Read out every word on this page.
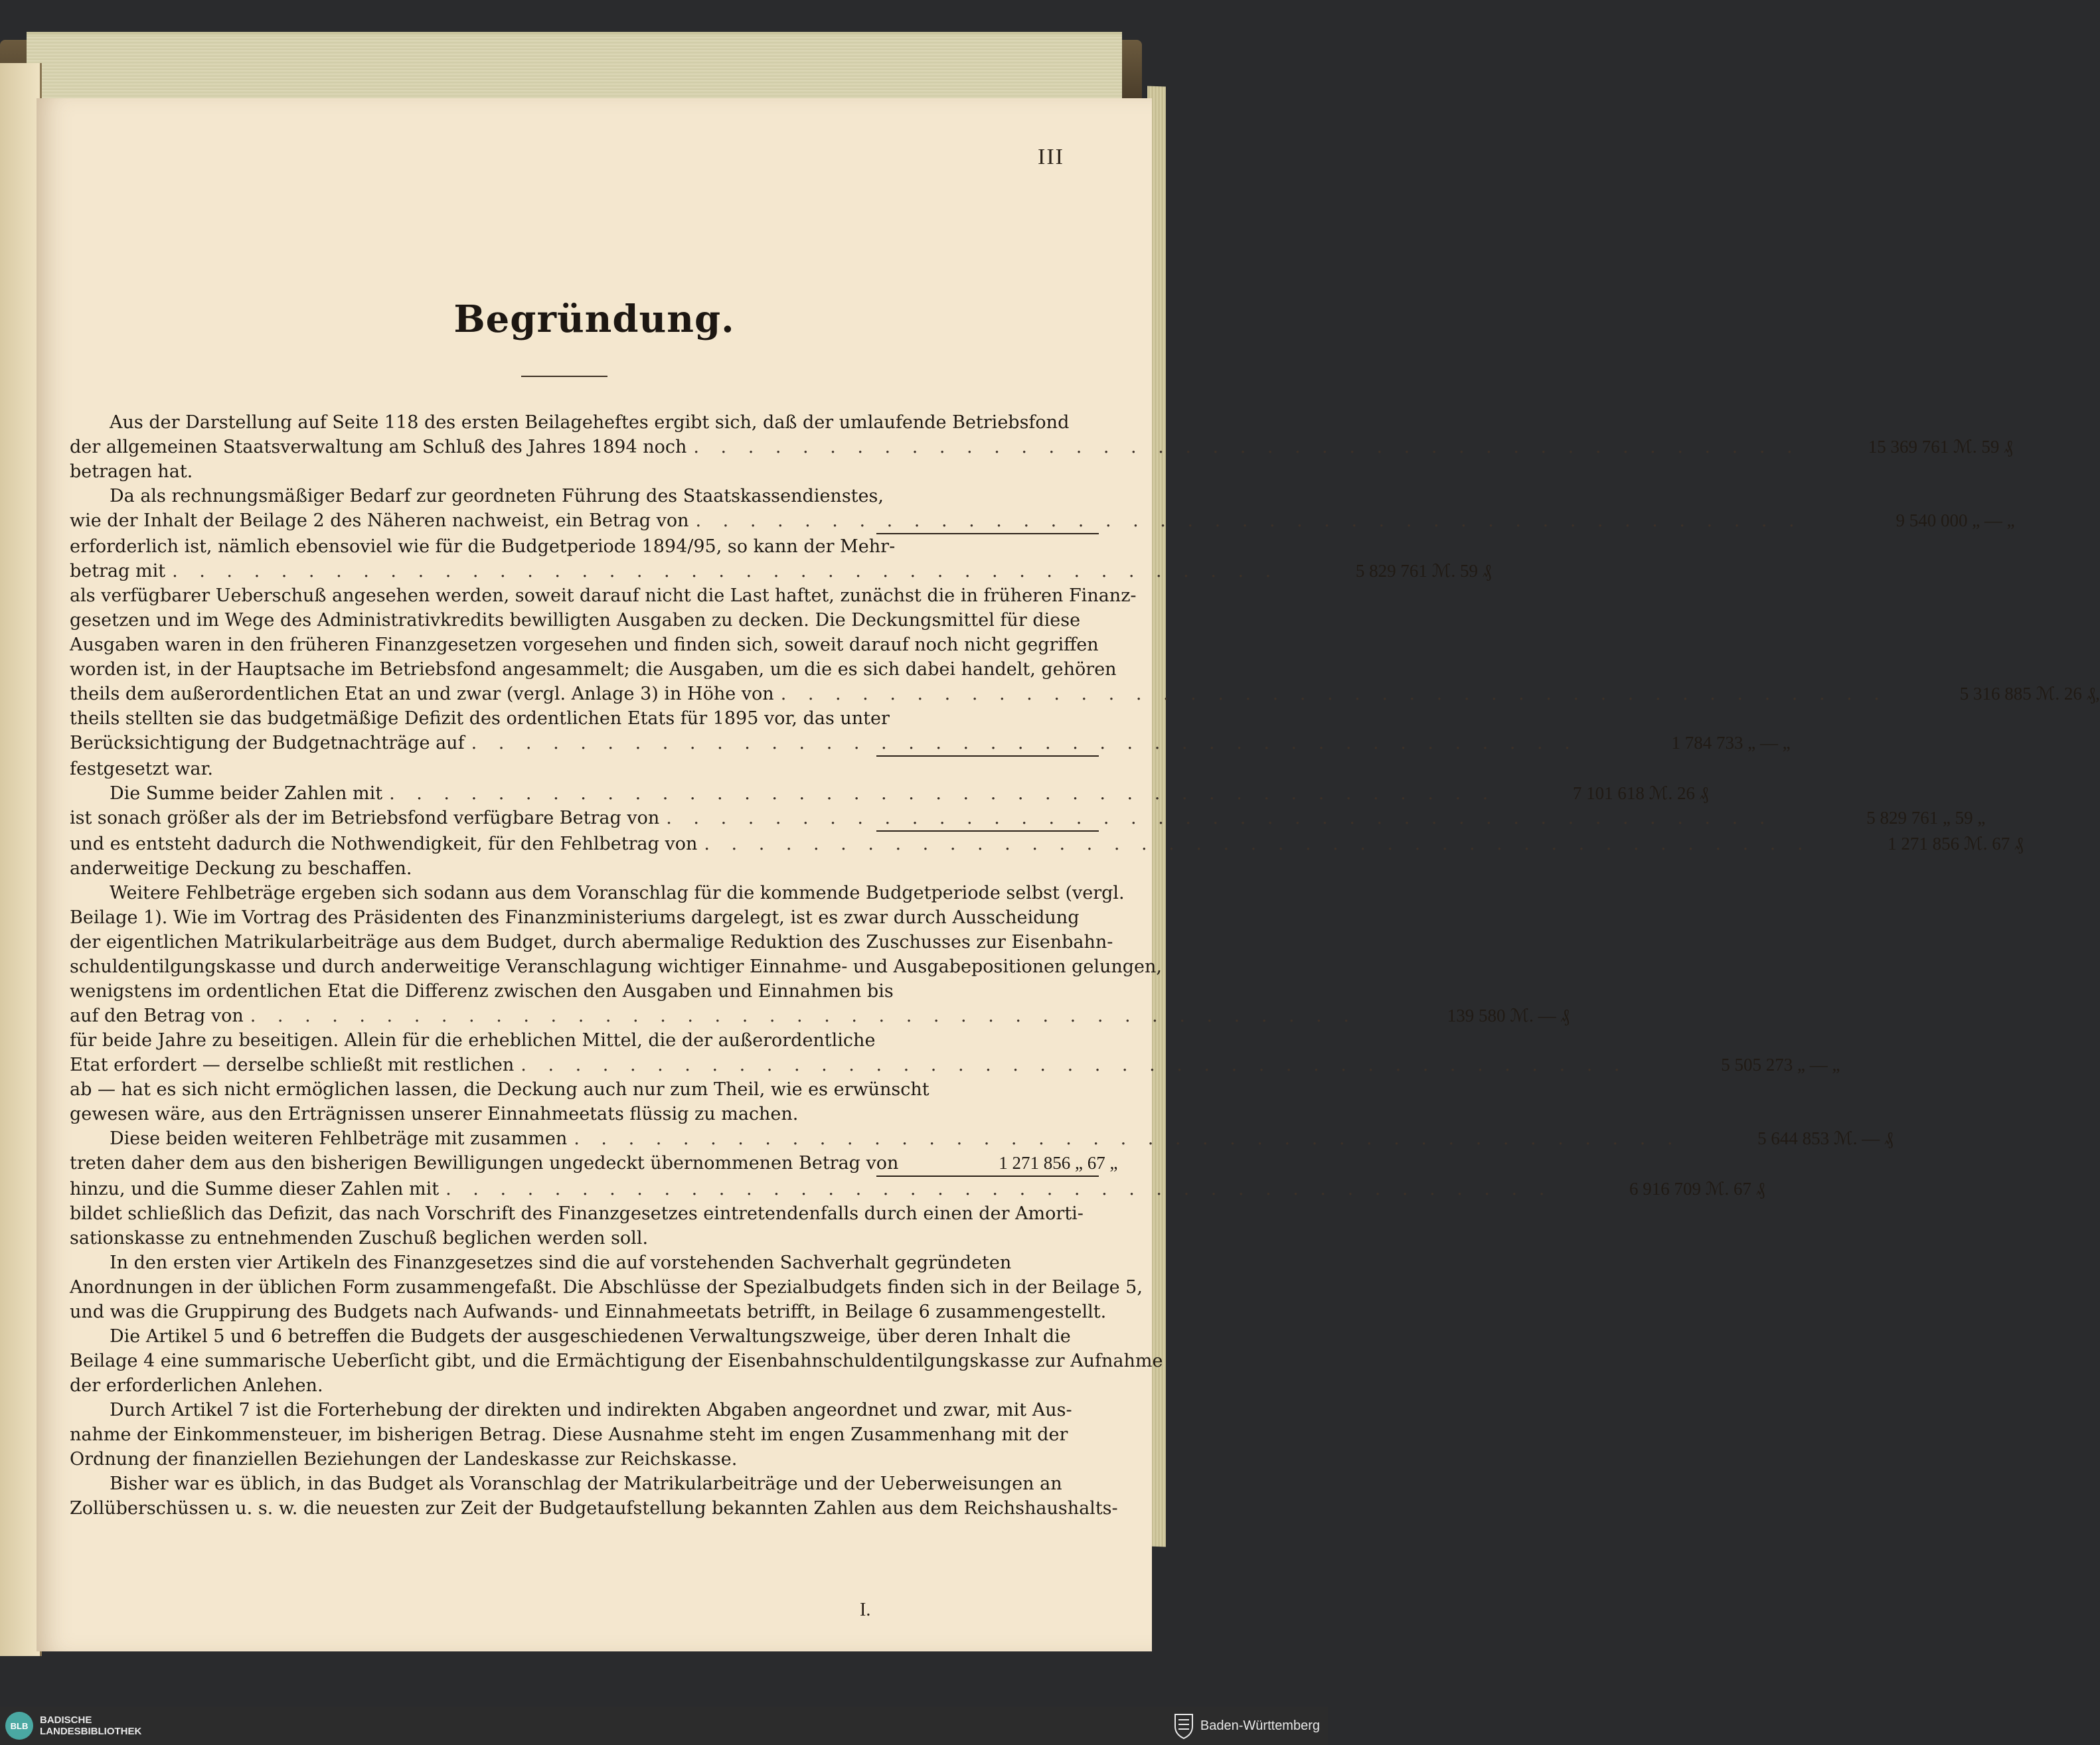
III
Begründung.
Aus der Darstellung auf Seite 118 des ersten Beilageheftes ergibt sich, daß der umlaufende Betriebsfond
der allgemeinen Staatsverwaltung am Schluß des Jahres 1894 noch . . . . . . . . . . . . . . . . . . . . . . . . . . . . . . . . . . . . . . . . .	15 369 761 ℳ. 59 ₰
betragen hat.
Da als rechnungsmäßiger Bedarf zur geordneten Führung des Staatskassendienstes,
wie der Inhalt der Beilage 2 des Näheren nachweist, ein Betrag von . . . . . . . . . . . . . . . . . . . . . . . . . . . . . . . . . . . . . . . . .	9 540 000 „ — „
erforderlich ist, nämlich ebensoviel wie für die Budgetperiode 1894/95, so kann der Mehr-
betrag mit . . . . . . . . . . . . . . . . . . . . . . . . . . . . . . . . . . . . . . . . .	5 829 761 ℳ. 59 ₰
als verfügbarer Ueberschuß angesehen werden, soweit darauf nicht die Last haftet, zunächst die in früheren Finanz-
gesetzen und im Wege des Administrativkredits bewilligten Ausgaben zu decken. Die Deckungsmittel für diese
Ausgaben waren in den früheren Finanzgesetzen vorgesehen und finden sich, soweit darauf noch nicht gegriffen
worden ist, in der Hauptsache im Betriebsfond angesammelt; die Ausgaben, um die es sich dabei handelt, gehören
theils dem außerordentlichen Etat an und zwar (vergl. Anlage 3) in Höhe von . . . . . . . . . . . . . . . . . . . . . . . . . . . . . . . . . . . . . . . . .	5 316 885 ℳ. 26 ₰,
theils stellten sie das budgetmäßige Defizit des ordentlichen Etats für 1895 vor, das unter
Berücksichtigung der Budgetnachträge auf . . . . . . . . . . . . . . . . . . . . . . . . . . . . . . . . . . . . . . . . .	1 784 733 „ — „
festgesetzt war.
Die Summe beider Zahlen mit . . . . . . . . . . . . . . . . . . . . . . . . . . . . . . . . . . . . . . . . .	7 101 618 ℳ. 26 ₰
ist sonach größer als der im Betriebsfond verfügbare Betrag von . . . . . . . . . . . . . . . . . . . . . . . . . . . . . . . . . . . . . . . . .	5 829 761 „ 59 „
und es entsteht dadurch die Nothwendigkeit, für den Fehlbetrag von . . . . . . . . . . . . . . . . . . . . . . . . . . . . . . . . . . . . . . . . .	1 271 856 ℳ. 67 ₰
anderweitige Deckung zu beschaffen.
Weitere Fehlbeträge ergeben sich sodann aus dem Voranschlag für die kommende Budgetperiode selbst (vergl.
Beilage 1). Wie im Vortrag des Präsidenten des Finanzministeriums dargelegt, ist es zwar durch Ausscheidung
der eigentlichen Matrikularbeiträge aus dem Budget, durch abermalige Reduktion des Zuschusses zur Eisenbahn-
schuldentilgungskasse und durch anderweitige Veranschlagung wichtiger Einnahme- und Ausgabepositionen gelungen,
wenigstens im ordentlichen Etat die Differenz zwischen den Ausgaben und Einnahmen bis
auf den Betrag von . . . . . . . . . . . . . . . . . . . . . . . . . . . . . . . . . . . . . . . . .	139 580 ℳ. — ₰
für beide Jahre zu beseitigen. Allein für die erheblichen Mittel, die der außerordentliche
Etat erfordert — derselbe schließt mit restlichen . . . . . . . . . . . . . . . . . . . . . . . . . . . . . . . . . . . . . . . . .	5 505 273 „ — „
ab — hat es sich nicht ermöglichen lassen, die Deckung auch nur zum Theil, wie es erwünscht
gewesen wäre, aus den Erträgnissen unserer Einnahmeetats flüssig zu machen.
Diese beiden weiteren Fehlbeträge mit zusammen . . . . . . . . . . . . . . . . . . . . . . . . . . . . . . . . . . . . . . . . .	5 644 853 ℳ. — ₰
treten daher dem aus den bisherigen Bewilligungen ungedeckt übernommenen Betrag von	1 271 856 „ 67 „
hinzu, und die Summe dieser Zahlen mit . . . . . . . . . . . . . . . . . . . . . . . . . . . . . . . . . . . . . . . . .	6 916 709 ℳ. 67 ₰
bildet schließlich das Defizit, das nach Vorschrift des Finanzgesetzes eintretendenfalls durch einen der Amorti-
sationskasse zu entnehmenden Zuschuß beglichen werden soll.
In den ersten vier Artikeln des Finanzgesetzes sind die auf vorstehenden Sachverhalt gegründeten
Anordnungen in der üblichen Form zusammengefaßt. Die Abschlüsse der Spezialbudgets finden sich in der Beilage 5,
und was die Gruppirung des Budgets nach Aufwands- und Einnahmeetats betrifft, in Beilage 6 zusammengestellt.
Die Artikel 5 und 6 betreffen die Budgets der ausgeschiedenen Verwaltungszweige, über deren Inhalt die
Beilage 4 eine summarische Ueberſicht gibt, und die Ermächtigung der Eisenbahnschuldentilgungskasse zur Aufnahme
der erforderlichen Anlehen.
Durch Artikel 7 ist die Forterhebung der direkten und indirekten Abgaben angeordnet und zwar, mit Aus-
nahme der Einkommensteuer, im bisherigen Betrag. Diese Ausnahme steht im engen Zusammenhang mit der
Ordnung der finanziellen Beziehungen der Landeskasse zur Reichskasse.
Bisher war es üblich, in das Budget als Voranschlag der Matrikularbeiträge und der Ueberweisungen an
Zollüberschüssen u. s. w. die neuesten zur Zeit der Budgetaufstellung bekannten Zahlen aus dem Reichshaushalts-
I.
BLB	BADISCHE
LANDESBIBLIOTHEK	Baden-Württemberg
